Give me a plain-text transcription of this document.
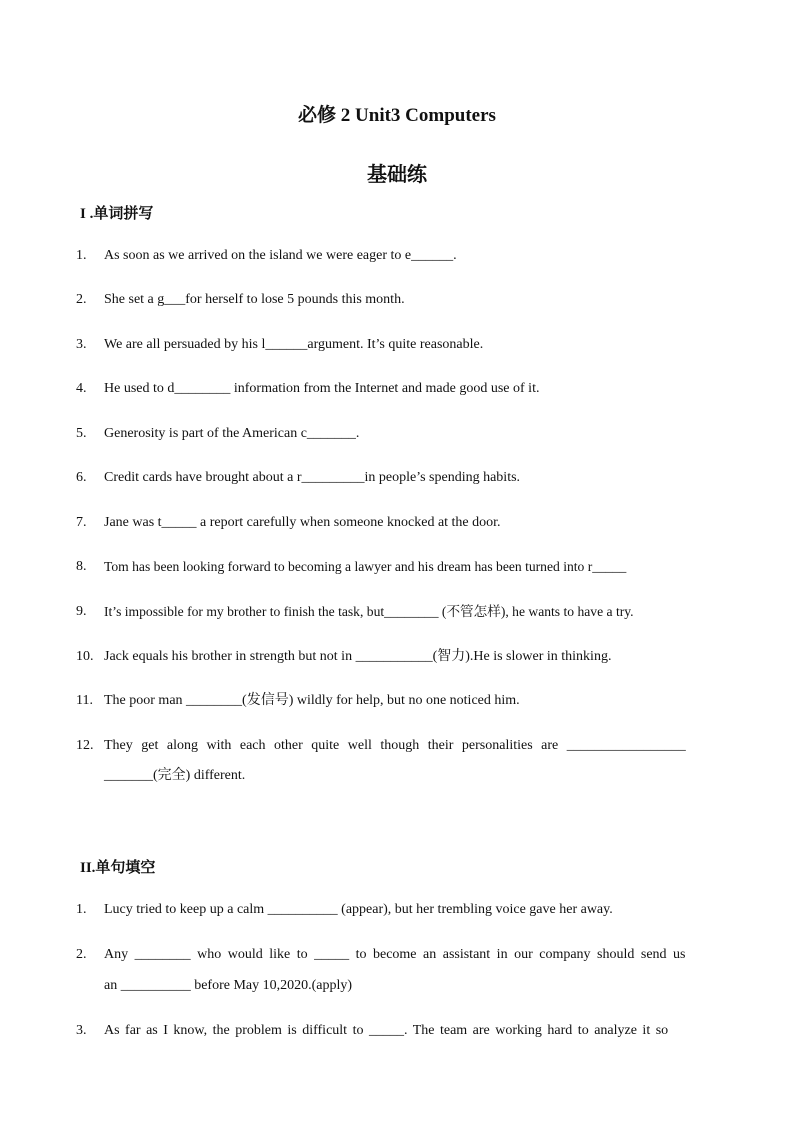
必修 2 Unit3 Computers
基础练
I .单词拼写
1. As soon as we arrived on the island we were eager to e______.
2. She set a g___for herself to lose 5 pounds this month.
3. We are all persuaded by his l______argument. It’s quite reasonable.
4. He used to d________ information from the Internet and made good use of it.
5. Generosity is part of the American c_______.
6. Credit cards have brought about a r_________in people’s spending habits.
7. Jane was t_____ a report carefully when someone knocked at the door.
8. Tom has been looking forward to becoming a lawyer and his dream has been turned into r_____
9. It’s impossible for my brother to finish the task, but________ (不管怎样), he wants to have a try.
10. Jack equals his brother in strength but not in ___________(智力).He is slower in thinking.
11. The poor man ________(发信号) wildly for help, but no one noticed him.
12. They get along with each other quite well though their personalities are _________________
_______(完全) different.
II.单句填空
1. Lucy tried to keep up a calm __________ (appear), but her trembling voice gave her away.
2. Any ________ who would like to _____ to become an assistant in our company should send us
an __________ before May 10,2020.(apply)
3. As far as I know, the problem is difficult to _____. The team are working hard to analyze it so
